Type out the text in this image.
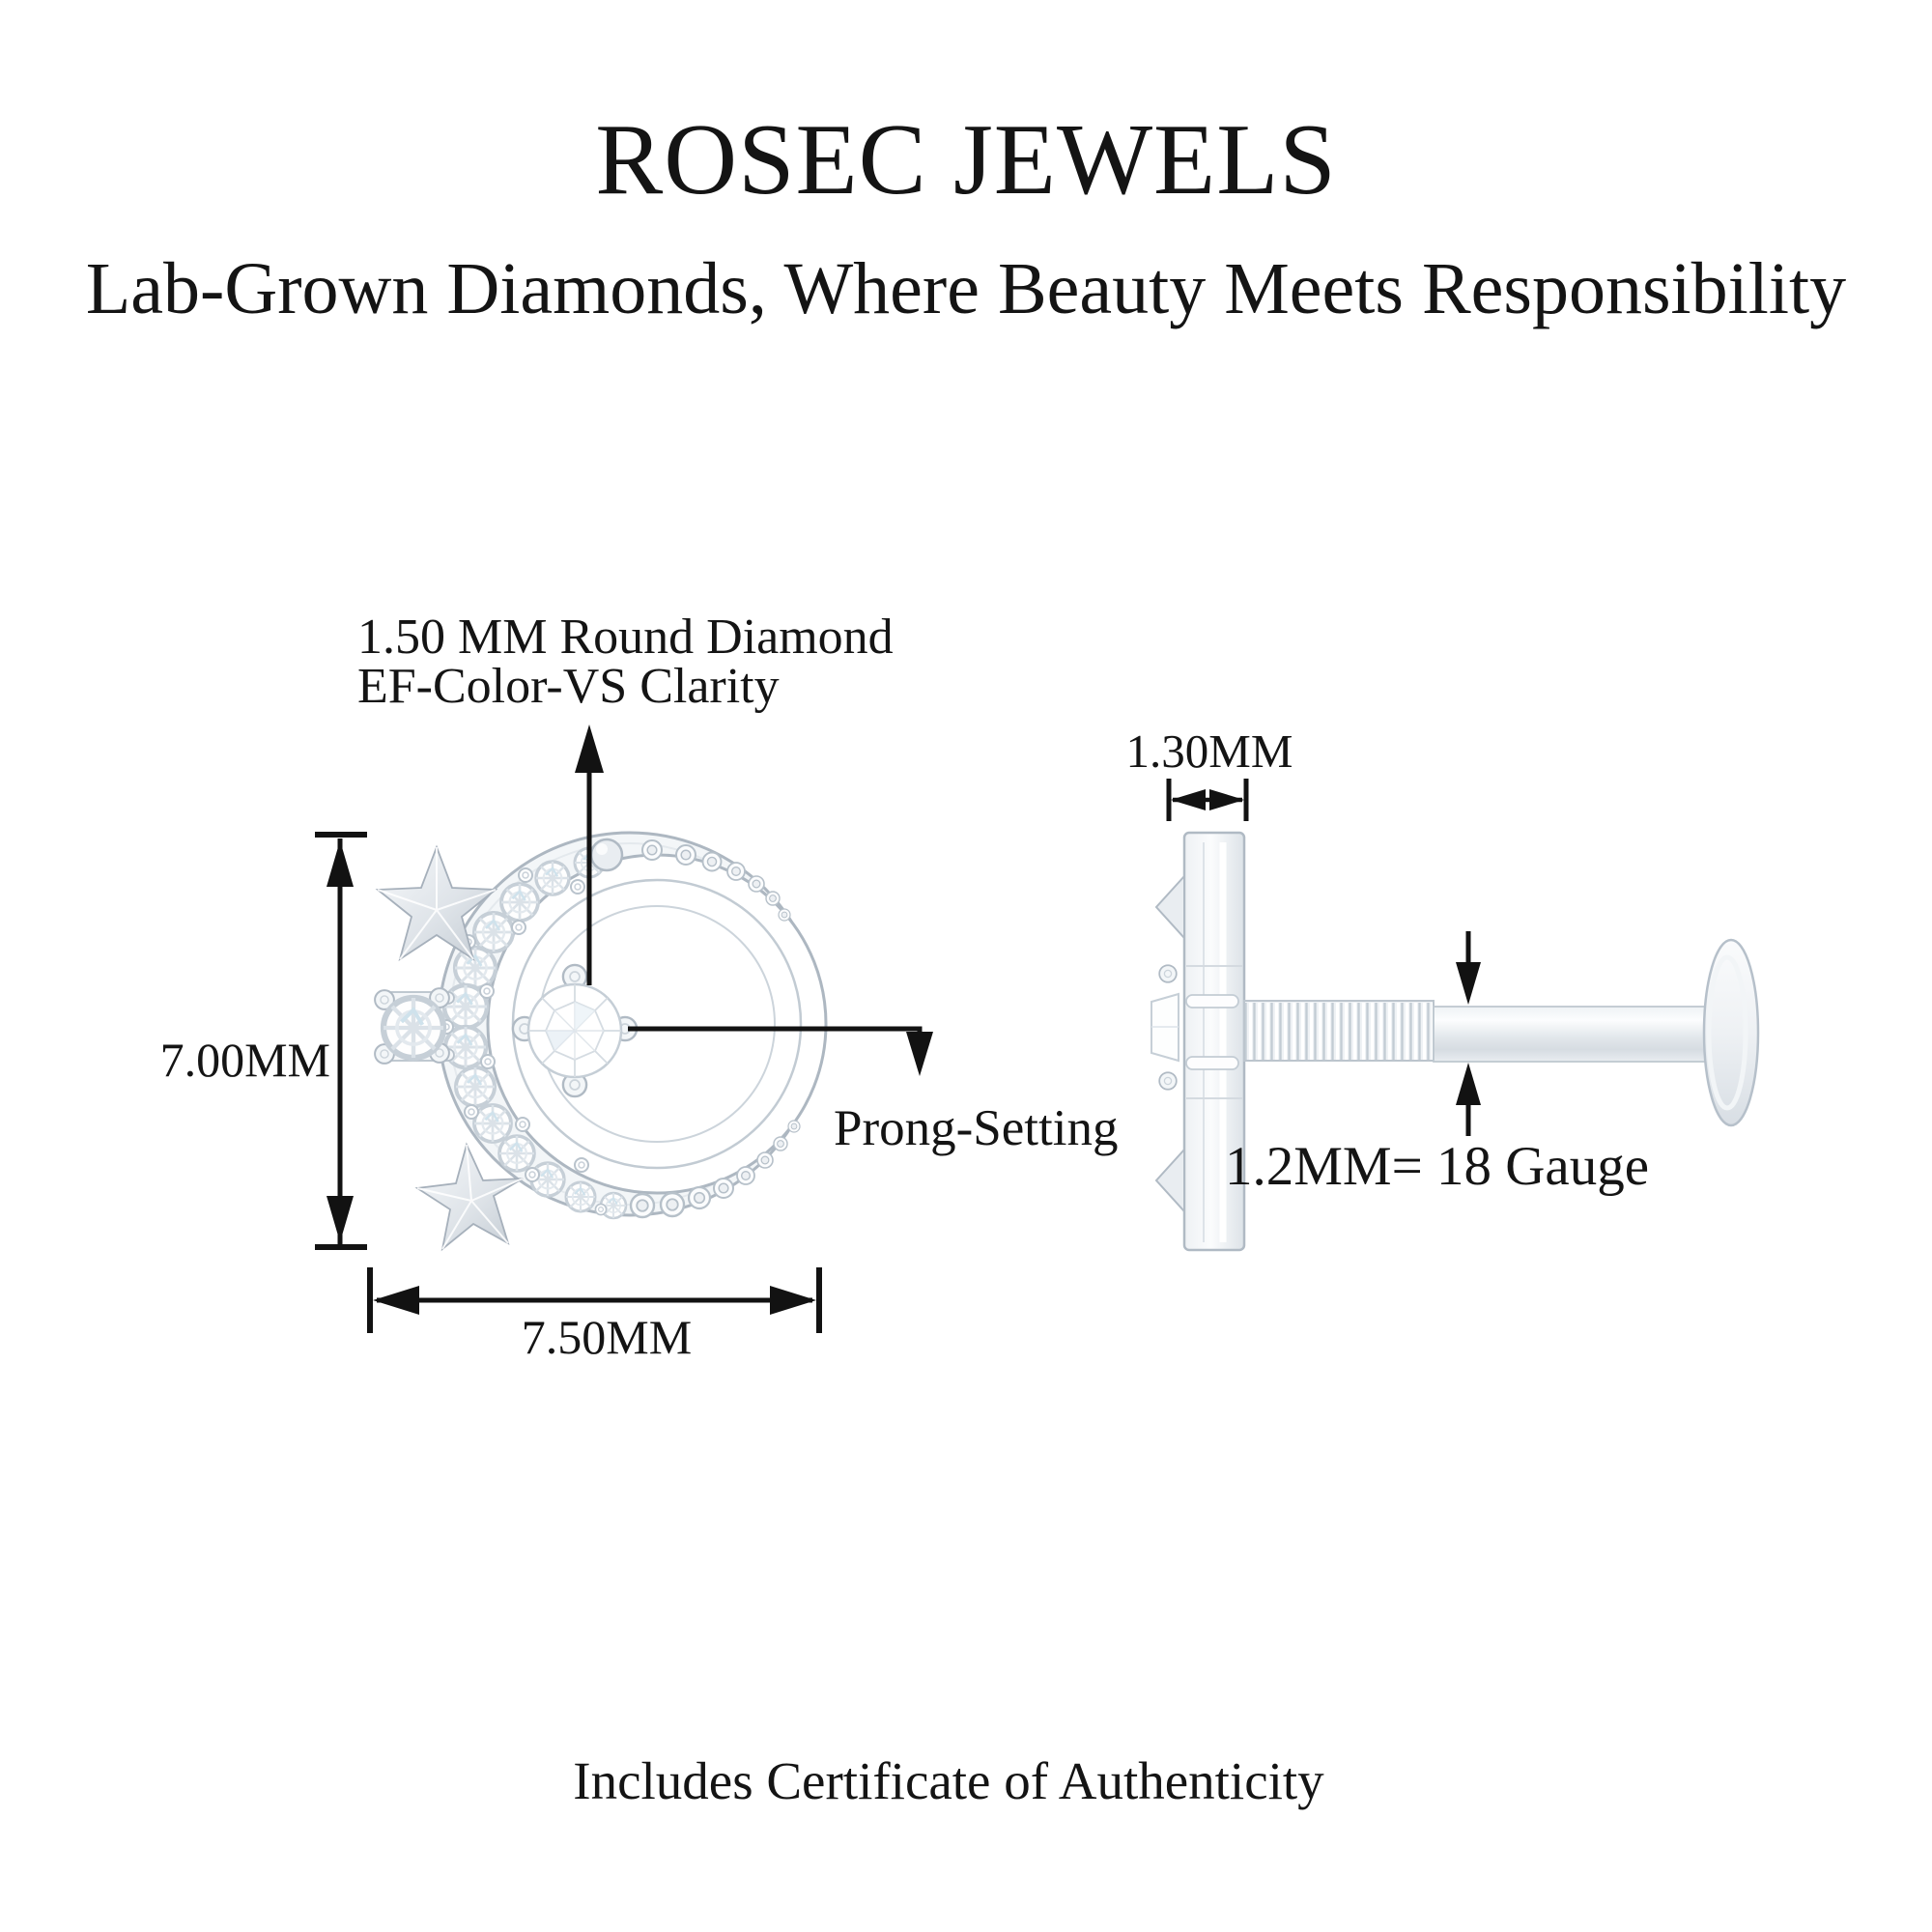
ROSEC JEWELS
Lab-Grown Diamonds, Where Beauty Meets Responsibility
1.50 MM Round Diamond
EF-Color-VS Clarity
7.00MM
7.50MM
Prong-Setting
1.30MM
1.2MM= 18 Gauge
Includes Certificate of Authenticity
